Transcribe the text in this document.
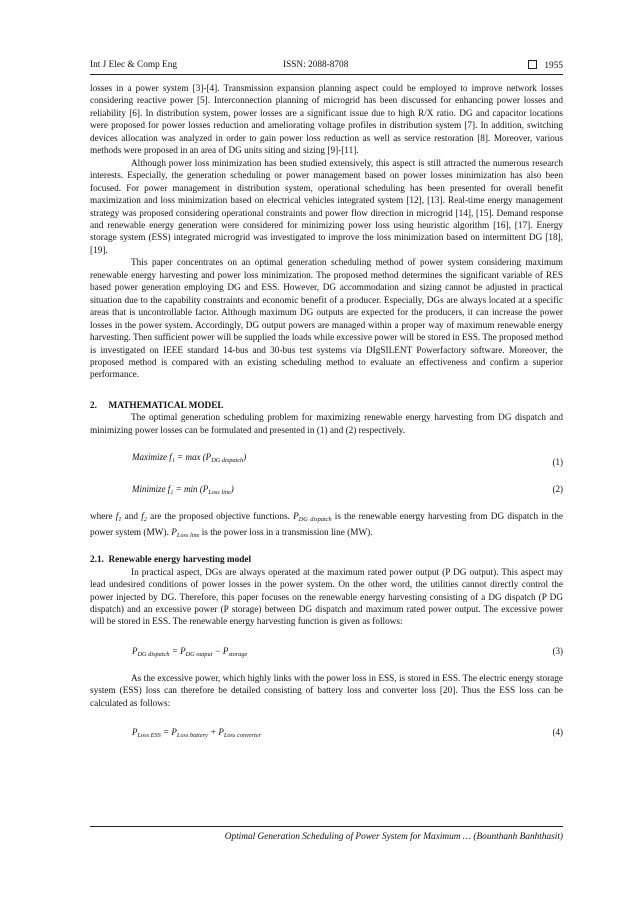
Int J Elec & Comp Eng	ISSN: 2088-8708	1955

losses in a power system [3]-[4]. Transmission expansion planning aspect could be employed to improve network losses considering reactive power [5]. Interconnection planning of microgrid has been discussed for enhancing power losses and reliability [6]. In distribution system, power losses are a significant issue due to high R/X ratio. DG and capacitor locations were proposed for power losses reduction and ameliorating voltage profiles in distribution system [7]. In addition, switching devices allocation was analyzed in order to gain power loss reduction as well as service restoration [8]. Moreover, various methods were proposed in an area of DG units siting and sizing [9]-[11].

Although power loss minimization has been studied extensively, this aspect is still attracted the numerous research interests. Especially, the generation scheduling or power management based on power losses minimization has also been focused. For power management in distribution system, operational scheduling has been presented for overall benefit maximization and loss minimization based on electrical vehicles integrated system [12], [13]. Real-time energy management strategy was proposed considering operational constraints and power flow direction in microgrid [14], [15]. Demand response and renewable energy generation were considered for minimizing power loss using heuristic algorithm [16], [17]. Energy storage system (ESS) integrated microgrid was investigated to improve the loss minimization based on intermittent DG [18], [19].

This paper concentrates on an optimal generation scheduling method of power system considering maximum renewable energy harvesting and power loss minimization. The proposed method determines the significant variable of RES based power generation employing DG and ESS. However, DG accommodation and sizing cannot be adjusted in practical situation due to the capability constraints and economic benefit of a producer. Especially, DGs are always located at a specific areas that is uncontrollable factor. Although maximum DG outputs are expected for the producers, it can increase the power losses in the power system. Accordingly, DG output powers are managed within a proper way of maximum renewable energy harvesting. Then sufficient power will be supplied the loads while excessive power will be stored in ESS. The proposed method is investigated on IEEE standard 14-bus and 30-bus test systems via DIgSILENT Powerfactory software. Moreover, the proposed method is compared with an existing scheduling method to evaluate an effectiveness and confirm a superior performance.

2.     MATHEMATICAL MODEL

The optimal generation scheduling problem for maximizing renewable energy harvesting from DG dispatch and minimizing power losses can be formulated and presented in (1) and (2) respectively.

Maximize $f_1 = \max (P_{DG dispatch})$	(1)
Minimize $f_2 = \min (P_{Loss line})$	(2)

where $f_1$ and $f_2$ are the proposed objective functions. $P_{DG dispatch}$ is the renewable energy harvesting from DG dispatch in the power system (MW). $P_{Loss line}$ is the power loss in a transmission line (MW).

2.1.  Renewable energy harvesting model

In practical aspect, DGs are always operated at the maximum rated power output (P DG output). This aspect may lead undesired conditions of power losses in the power system. On the other word, the utilities cannot directly control the power injected by DG. Therefore, this paper focuses on the renewable energy harvesting consisting of a DG dispatch (P DG dispatch) and an excessive power (P storage) between DG dispatch and maximum rated power output. The excessive power will be stored in ESS. The renewable energy harvesting function is given as follows:

$P_{DG dispatch} = P_{DG output} - P_{storage}$	(3)

As the excessive power, which highly links with the power loss in ESS, is stored in ESS. The electric energy storage system (ESS) loss can therefore be detailed consisting of battery loss and converter loss [20]. Thus the ESS loss can be calculated as follows:

$P_{Loss ESS} = P_{Loss battery} + P_{Loss converter}$	(4)
Optimal Generation Scheduling of Power System for Maximum … (Bounthanh Banhthasit)
